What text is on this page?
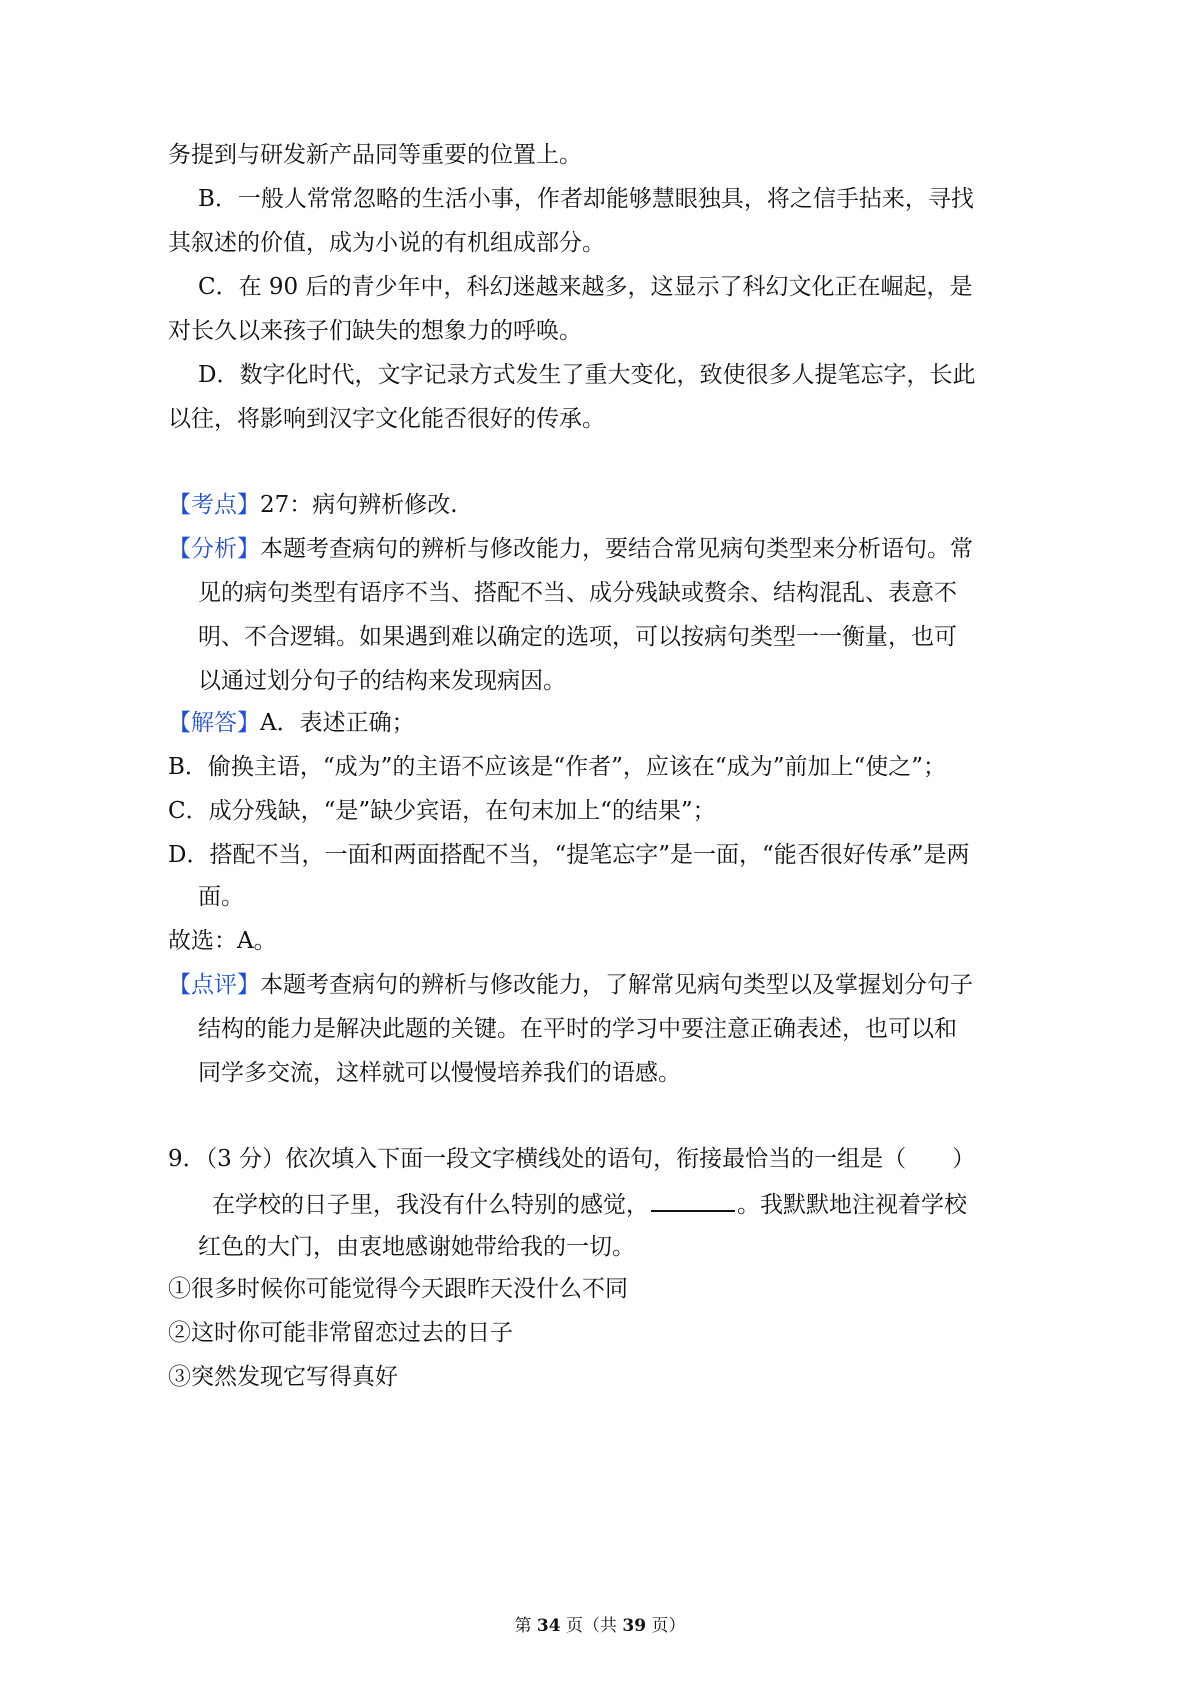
务提到与研发新产品同等重要的位置上。
B．一般人常常忽略的生活小事，作者却能够慧眼独具，将之信手拈来，寻找
其叙述的价值，成为小说的有机组成部分。
C．在 90 后的青少年中，科幻迷越来越多，这显示了科幻文化正在崛起，是
对长久以来孩子们缺失的想象力的呼唤。
D．数字化时代，文字记录方式发生了重大变化，致使很多人提笔忘字，长此
以往，将影响到汉字文化能否很好的传承。
【考点】27：病句辨析修改.
【分析】本题考查病句的辨析与修改能力，要结合常见病句类型来分析语句。常
见的病句类型有语序不当、搭配不当、成分残缺或赘余、结构混乱、表意不
明、不合逻辑。如果遇到难以确定的选项，可以按病句类型一一衡量，也可
以通过划分句子的结构来发现病因。
【解答】A．表述正确；
B．偷换主语，“成为”的主语不应该是“作者”，应该在“成为”前加上“使之”；
C．成分残缺，“是”缺少宾语，在句末加上“的结果”；
D．搭配不当，一面和两面搭配不当，“提笔忘字”是一面，“能否很好传承”是两
面。
故选：A。
【点评】本题考查病句的辨析与修改能力，了解常见病句类型以及掌握划分句子
结构的能力是解决此题的关键。在平时的学习中要注意正确表述，也可以和
同学多交流，这样就可以慢慢培养我们的语感。
9．（3 分）依次填入下面一段文字横线处的语句，衔接最恰当的一组是（　　）
在学校的日子里，我没有什么特别的感觉，	。我默默地注视着学校
红色的大门，由衷地感谢她带给我的一切。
①很多时候你可能觉得今天跟昨天没什么不同
②这时你可能非常留恋过去的日子
③突然发现它写得真好
第 34 页（共 39 页）
